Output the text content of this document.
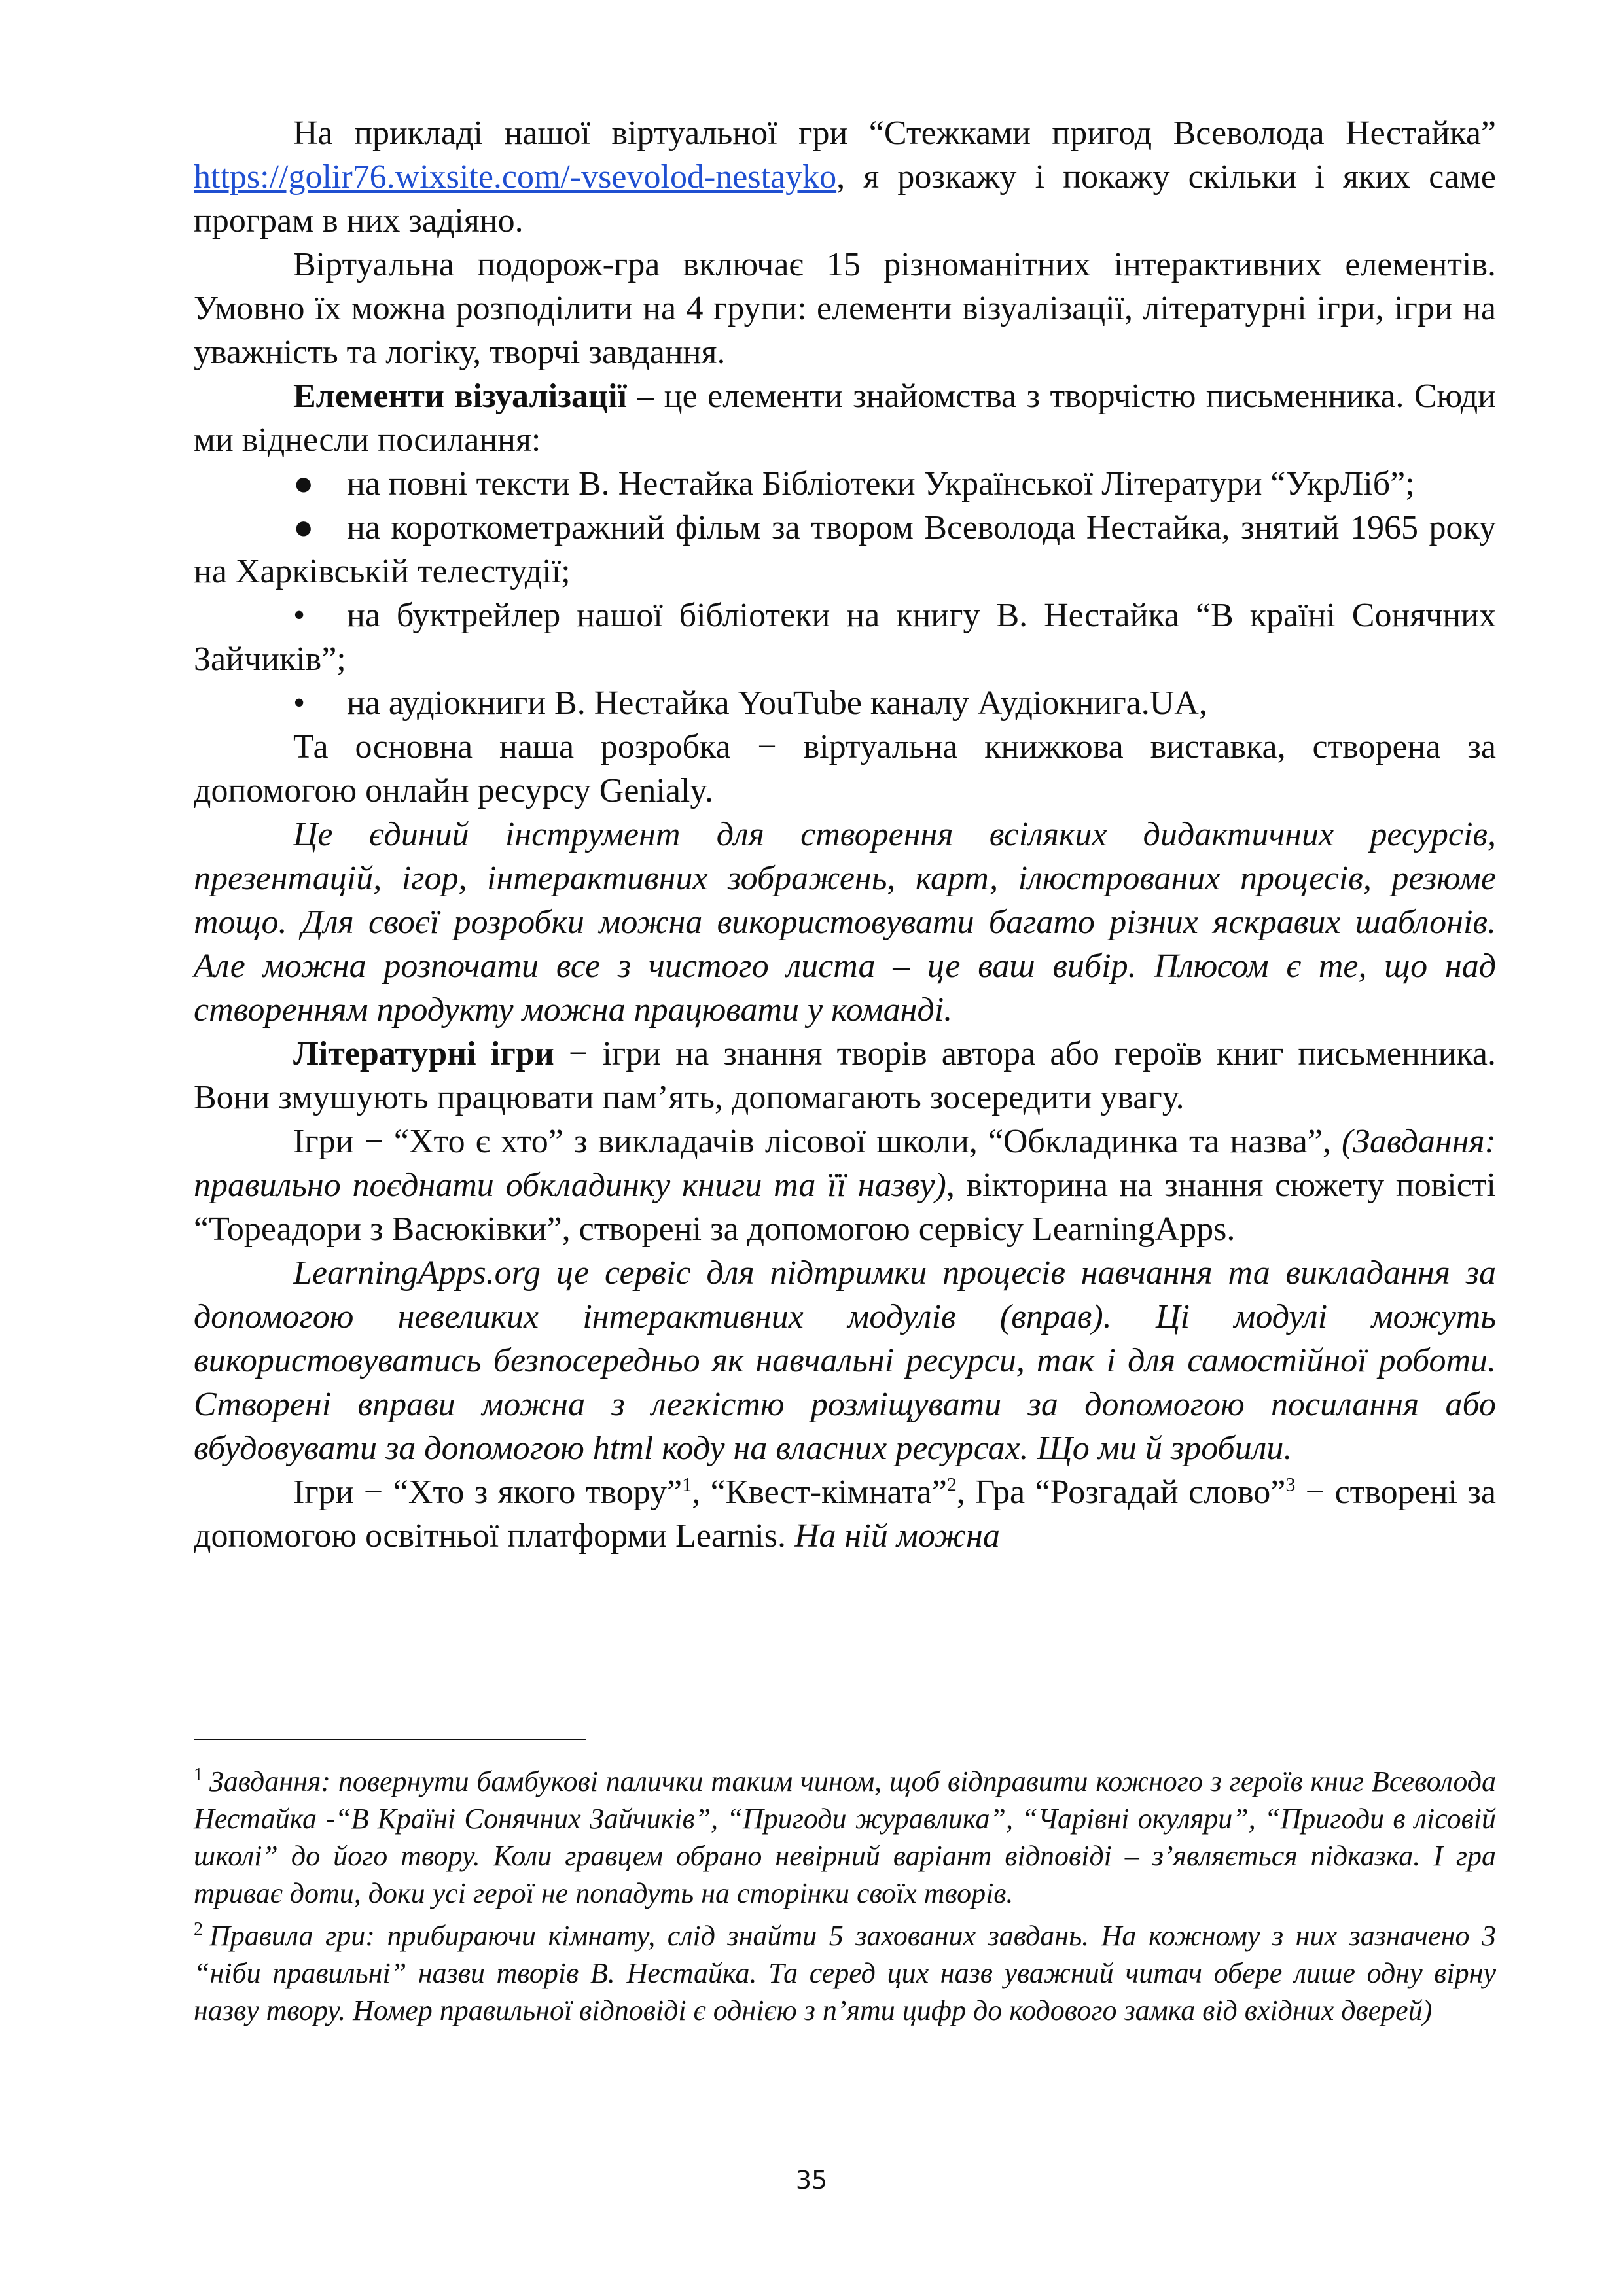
На прикладі нашої віртуальної гри “Стежками пригод Всеволода Нестайка” https://golir76.wixsite.com/-vsevolod-nestayko, я розкажу і покажу скільки і яких саме програм в них задіяно.

Віртуальна подорож-гра включає 15 різноманітних інтерактивних елементів. Умовно їх можна розподілити на 4 групи: елементи візуалізації, літературні ігри, ігри на уважність та логіку, творчі завдання.

Елементи візуалізації – це елементи знайомства з творчістю письменника. Сюди ми віднесли посилання:

● на повні тексти В. Нестайка Бібліотеки Української Літератури “УкрЛіб”;

● на короткометражний фільм за твором Всеволода Нестайка, знятий 1965 року на Харківській телестудії;

• на буктрейлер нашої бібліотеки на книгу В. Нестайка “В країні Сонячних Зайчиків”;

• на аудіокниги В. Нестайка YouTube каналу Аудіокнига.UA,

Та основна наша розробка − віртуальна книжкова виставка, створена за допомогою онлайн ресурсу Genialy.

Це єдиний інструмент для створення всіляких дидактичних ресурсів, презентацій, ігор, інтерактивних зображень, карт, ілюстрованих процесів, резюме тощо. Для своєї розробки можна використовувати багато різних яскравих шаблонів. Але можна розпочати все з чистого листа – це ваш вибір. Плюсом є те, що над створенням продукту можна працювати у команді.

Літературні ігри − ігри на знання творів автора або героїв книг письменника. Вони змушують працювати пам’ять, допомагають зосередити увагу.

Ігри − “Хто є хто” з викладачів лісової школи, “Обкладинка та назва”, (Завдання: правильно поєднати обкладинку книги та її назву), вікторина на знання сюжету повісті “Тореадори з Васюківки”, створені за допомогою сервісу LearningApps.

LearningApps.org це сервіс для підтримки процесів навчання та викладання за допомогою невеликих інтерактивних модулів (вправ). Ці модулі можуть використовуватись безпосередньо як навчальні ресурси, так і для самостійної роботи. Створені вправи можна з легкістю розміщувати за допомогою посилання або вбудовувати за допомогою html коду на власних ресурсах. Що ми й зробили.

Ігри − “Хто з якого твору”$^1$, “Квест-кімната”$^2$, Гра “Розгадай слово”$^3$ − створені за допомогою освітньої платформи Learnis. На ній можна

$^1$ Завдання: повернути бамбукові палички таким чином, щоб відправити кожного з героїв книг Всеволода Нестайка -“В Країні Сонячних Зайчиків”, “Пригоди журавлика”, “Чарівні окуляри”, “Пригоди в лісовій школі” до його твору. Коли гравцем обрано невірний варіант відповіді – з’являється підказка. І гра триває доти, доки усі герої не попадуть на сторінки своїх творів.

$^2$ Правила гри: прибираючи кімнату, слід знайти 5 захованих завдань. На кожному з них зазначено 3 “ніби правильні” назви творів В. Нестайка. Та серед цих назв уважний читач обере лише одну вірну назву твору. Номер правильної відповіді є однією з п’яти цифр до кодового замка від вхідних дверей)

35
